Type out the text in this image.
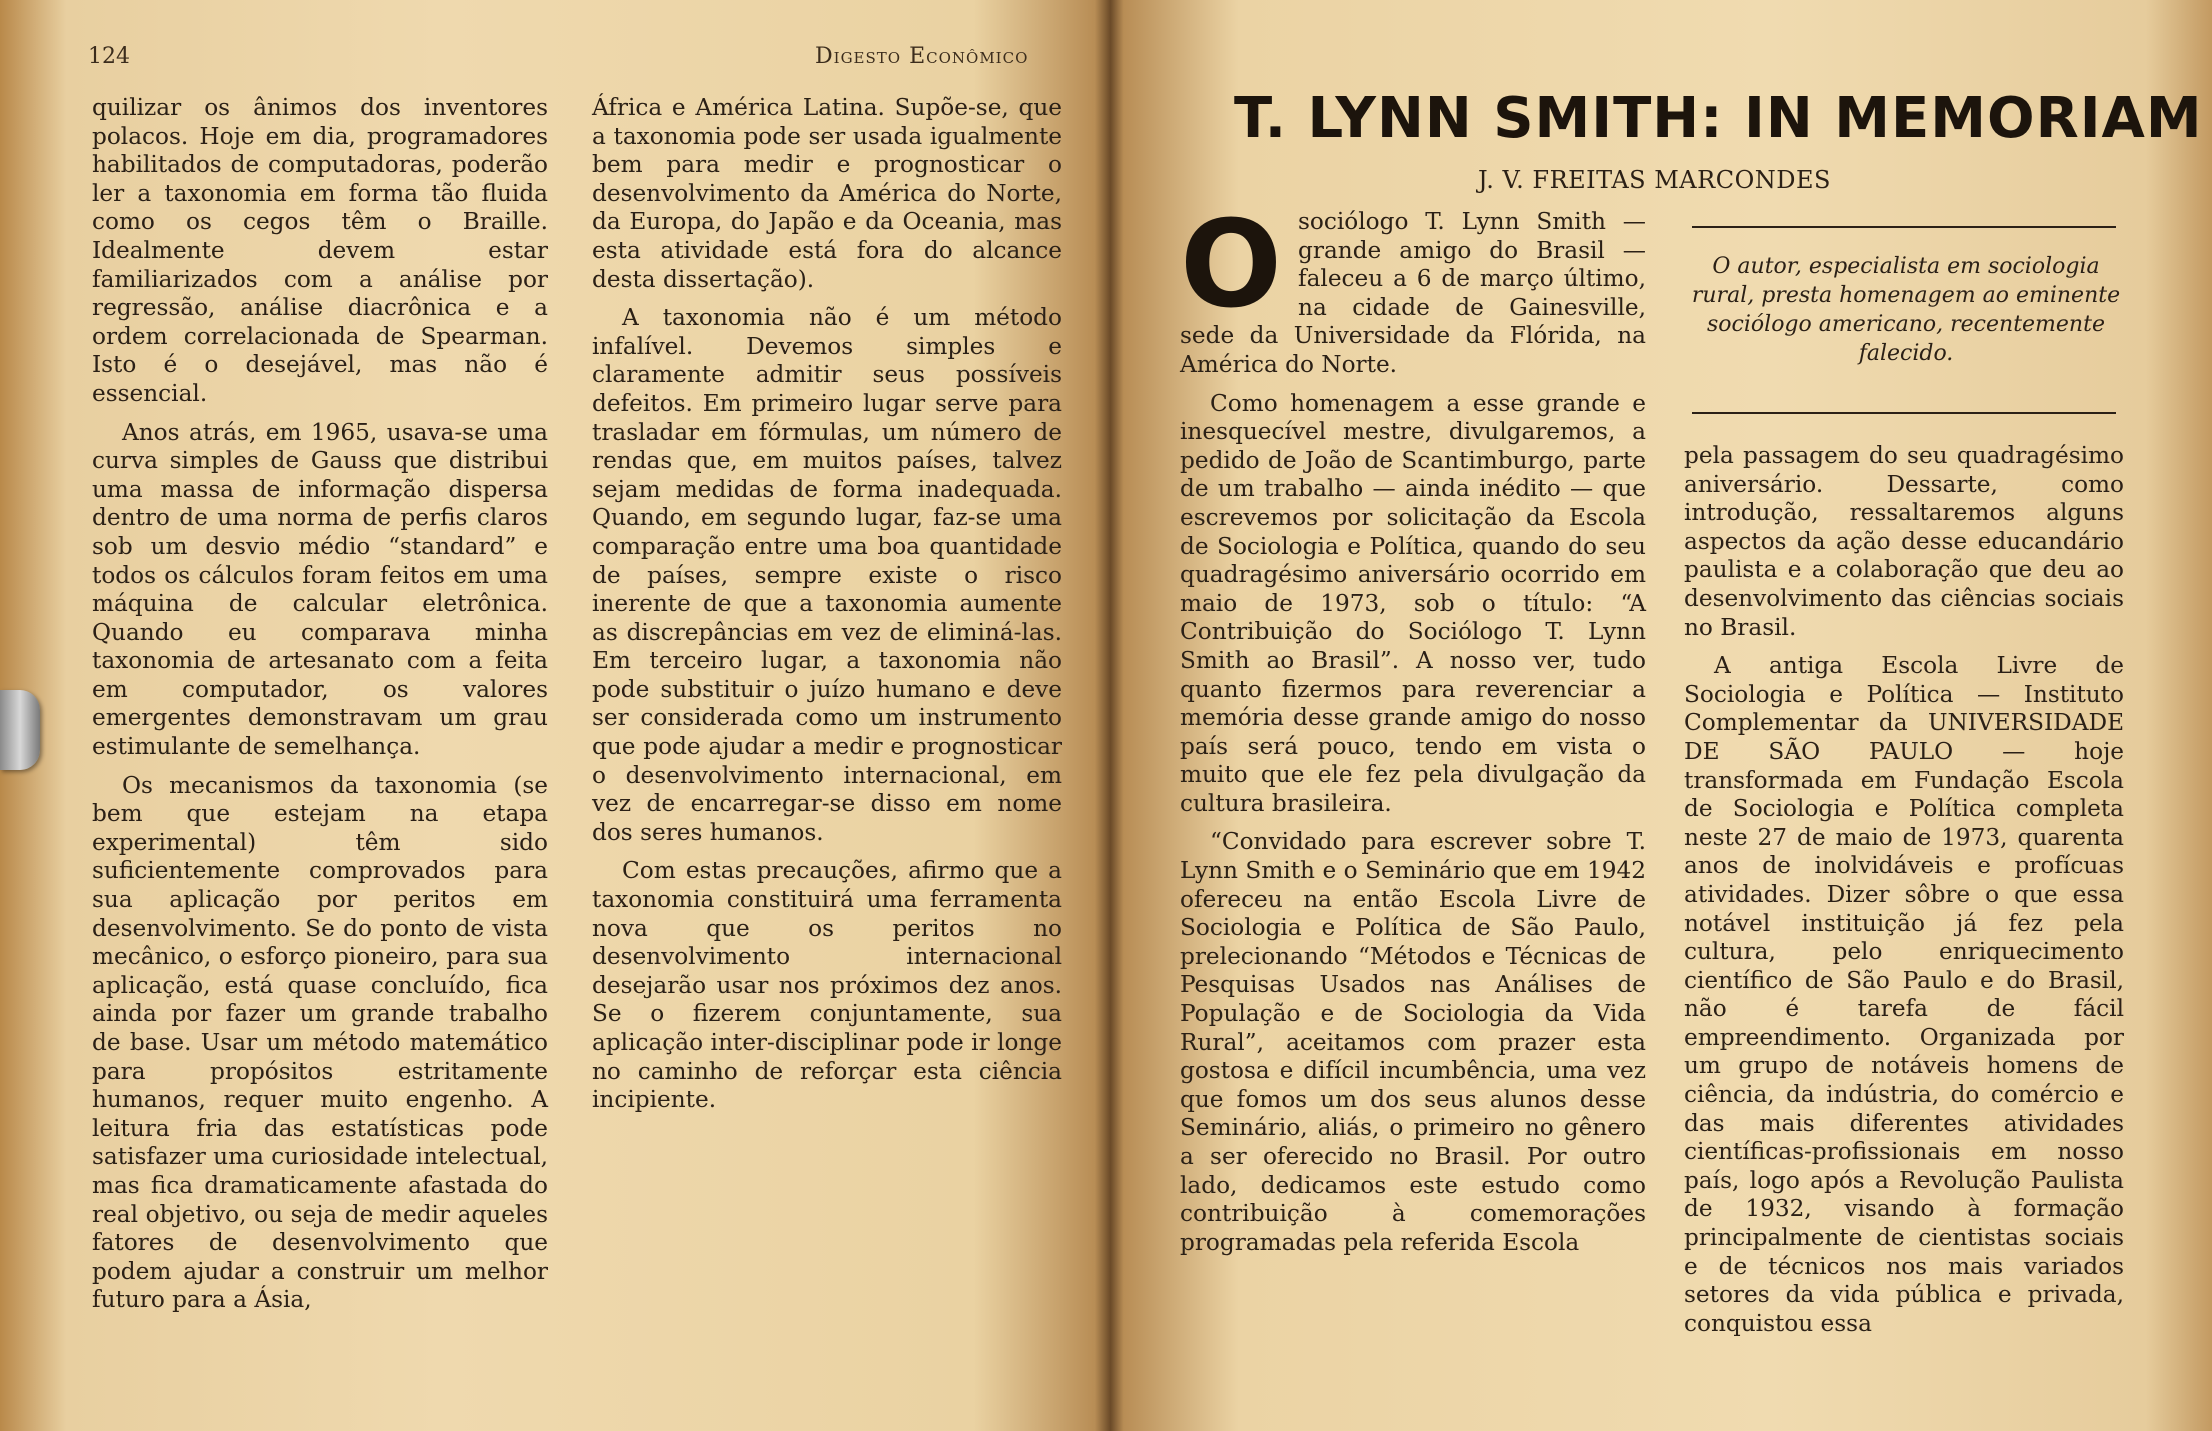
124	Digesto Econômico

quilizar os ânimos dos inventores polacos. Hoje em dia, programadores habilitados de computadoras, poderão ler a taxonomia em forma tão fluida como os cegos têm o Braille. Idealmente devem estar familiarizados com a análise por regressão, análise diacrônica e a ordem correlacionada de Spearman. Isto é o desejável, mas não é essencial.

Anos atrás, em 1965, usava-se uma curva simples de Gauss que distribui uma massa de informação dispersa dentro de uma norma de perfis claros sob um desvio médio “standard” e todos os cálculos foram feitos em uma máquina de calcular eletrônica. Quando eu comparava minha taxonomia de artesanato com a feita em computador, os valores emergentes demonstravam um grau estimulante de semelhança.

Os mecanismos da taxonomia (se bem que estejam na etapa experimental) têm sido suficientemente comprovados para sua aplicação por peritos em desenvolvimento. Se do ponto de vista mecânico, o esforço pioneiro, para sua aplicação, está quase concluído, fica ainda por fazer um grande trabalho de base. Usar um método matemático para propósitos estritamente humanos, requer muito engenho. A leitura fria das estatísticas pode satisfazer uma curiosidade intelectual, mas fica dramaticamente afastada do real objetivo, ou seja de medir aqueles fatores de desenvolvimento que podem ajudar a construir um melhor futuro para a Ásia,

África e América Latina. Supõe-se, que a taxonomia pode ser usada igualmente bem para medir e prognosticar o desenvolvimento da América do Norte, da Europa, do Japão e da Oceania, mas esta atividade está fora do alcance desta dissertação).

A taxonomia não é um método infalível. Devemos simples e claramente admitir seus possíveis defeitos. Em primeiro lugar serve para trasladar em fórmulas, um número de rendas que, em muitos países, talvez sejam medidas de forma inadequada. Quando, em segundo lugar, faz-se uma comparação entre uma boa quantidade de países, sempre existe o risco inerente de que a taxonomia aumente as discrepâncias em vez de eliminá-las. Em terceiro lugar, a taxonomia não pode substituir o juízo humano e deve ser considerada como um instrumento que pode ajudar a medir e prognosticar o desenvolvimento internacional, em vez de encarregar-se disso em nome dos seres humanos.

Com estas precauções, afirmo que a taxonomia constituirá uma ferramenta nova que os peritos no desenvolvimento internacional desejarão usar nos próximos dez anos. Se o fizerem conjuntamente, sua aplicação inter-disciplinar pode ir longe no caminho de reforçar esta ciência incipiente.

T. LYNN SMITH: IN MEMORIAM
J. V. FREITAS MARCONDES

Osociólogo T. Lynn Smith — grande amigo do Brasil — faleceu a 6 de março último, na cidade de Gainesville, sede da Universidade da Flórida, na América do Norte.

Como homenagem a esse grande e inesquecível mestre, divulgaremos, a pedido de João de Scantimburgo, parte de um trabalho — ainda inédito — que escrevemos por solicitação da Escola de Sociologia e Política, quando do seu quadragésimo aniversário ocorrido em maio de 1973, sob o título: “A Contribuição do Sociólogo T. Lynn Smith ao Brasil”. A nosso ver, tudo quanto fizermos para reverenciar a memória desse grande amigo do nosso país será pouco, tendo em vista o muito que ele fez pela divulgação da cultura brasileira.

“Convidado para escrever sobre T. Lynn Smith e o Seminário que em 1942 ofereceu na então Escola Livre de Sociologia e Política de São Paulo, prelecionando “Métodos e Técnicas de Pesquisas Usados nas Análises de População e de Sociologia da Vida Rural”, aceitamos com prazer esta gostosa e difícil incumbência, uma vez que fomos um dos seus alunos desse Seminário, aliás, o primeiro no gênero a ser oferecido no Brasil. Por outro lado, dedicamos este estudo como contribuição à comemorações programadas pela referida Escola

O autor, especialista em sociologia rural, presta homenagem ao eminente sociólogo americano, recentemente falecido.

pela passagem do seu quadragésimo aniversário. Dessarte, como introdução, ressaltaremos alguns aspectos da ação desse educandário paulista e a colaboração que deu ao desenvolvimento das ciências sociais no Brasil.

A antiga Escola Livre de Sociologia e Política — Instituto Complementar da UNIVERSIDADE DE SÃO PAULO — hoje transformada em Fundação Escola de Sociologia e Política completa neste 27 de maio de 1973, quarenta anos de inolvidáveis e profícuas atividades. Dizer sôbre o que essa notável instituição já fez pela cultura, pelo enriquecimento científico de São Paulo e do Brasil, não é tarefa de fácil empreendimento. Organizada por um grupo de notáveis homens de ciência, da indústria, do comércio e das mais diferentes atividades científicas-profissionais em nosso país, logo após a Revolução Paulista de 1932, visando à formação principalmente de cientistas sociais e de técnicos nos mais variados setores da vida pública e privada, conquistou essa
